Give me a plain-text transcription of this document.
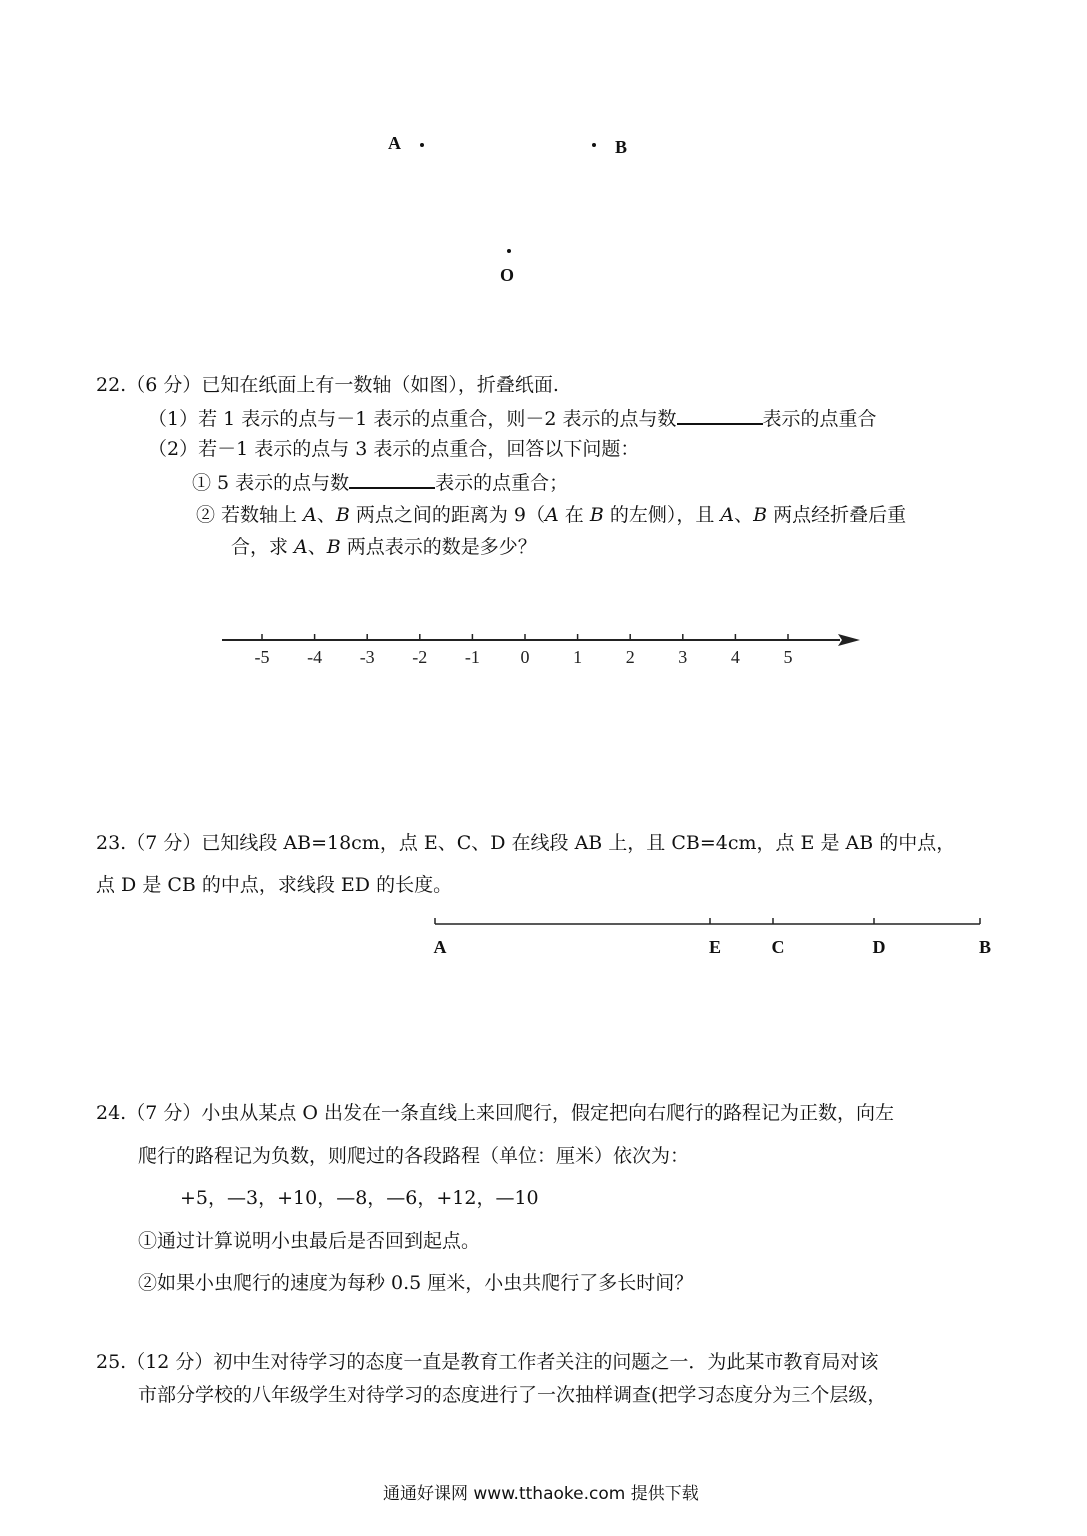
A	B
O
22.（6 分）已知在纸面上有一数轴（如图），折叠纸面.
（1）若 1 表示的点与－1 表示的点重合，则－2 表示的点与数	表示的点重合
（2）若－1 表示的点与 3 表示的点重合，回答以下问题：
① 5 表示的点与数	表示的点重合；
② 若数轴上 A、B 两点之间的距离为 9（A 在 B 的左侧），且 A、B 两点经折叠后重
合，求 A、B 两点表示的数是多少？
-5 -4 -3 -2 -1 0 1 2 3 4 5
23.（7 分）已知线段 AB=18cm，点 E、C、D 在线段 AB 上，且 CB=4cm，点 E 是 AB 的中点，
点 D 是 CB 的中点，求线段 ED 的长度。
A	E	C	D	B
24.（7 分）小虫从某点 O 出发在一条直线上来回爬行，假定把向右爬行的路程记为正数，向左
爬行的路程记为负数，则爬过的各段路程（单位：厘米）依次为：
+5，—3，+10，—8，—6，+12，—10
①通过计算说明小虫最后是否回到起点。
②如果小虫爬行的速度为每秒 0.5 厘米，小虫共爬行了多长时间？
25.（12 分）初中生对待学习的态度一直是教育工作者关注的问题之一．为此某市教育局对该
市部分学校的八年级学生对待学习的态度进行了一次抽样调查(把学习态度分为三个层级，
通通好课网 www.tthaoke.com 提供下载
